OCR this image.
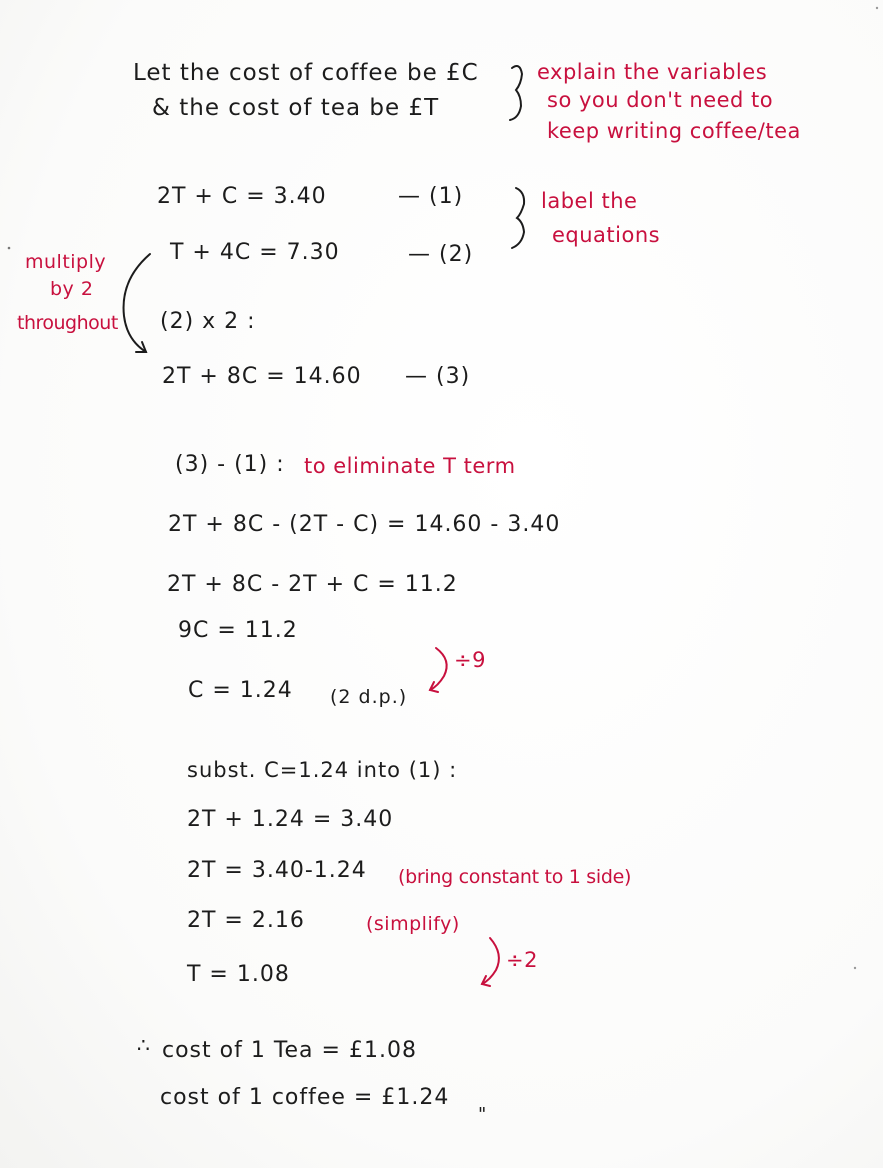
Let the cost of coffee be £C
& the cost of tea be £T
explain the variables
so you don't need to
keep writing coffee/tea
2T + C = 3.40	— (1)
T + 4C = 7.30	— (2)
label the
equations
multiply
by 2
throughout (2) x 2 :
2T + 8C = 14.60 — (3)
(3) - (1) : to eliminate T term
2T + 8C - (2T - C) = 14.60 - 3.40
2T + 8C - 2T + C = 11.2
9C = 11.2
C = 1.24 (2 d.p.)
÷9
subst. C=1.24 into (1) :
2T + 1.24 = 3.40
2T = 3.40-1.24 (bring constant to 1 side)
2T = 2.16	(simplify)
T = 1.08
÷2
∴ cost of 1 Tea = £1.08
cost of 1 coffee = £1.24
"
